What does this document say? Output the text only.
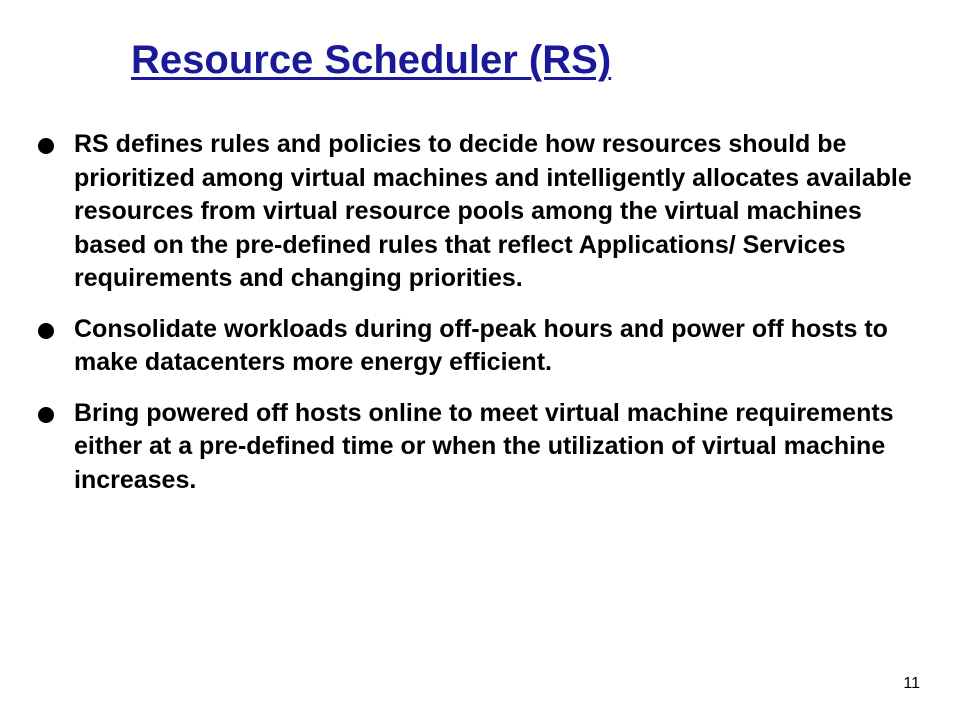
Resource Scheduler (RS)
RS defines rules and policies to decide how resources should be prioritized among virtual machines and intelligently allocates available resources from virtual resource pools among the virtual machines based on the pre-defined rules that reflect Applications/ Services requirements and changing priorities.
Consolidate workloads during off-peak hours and power off hosts to make datacenters more energy efficient.
Bring powered off hosts online to meet virtual machine requirements either at a pre-defined time or when the utilization of virtual machine increases.
11
